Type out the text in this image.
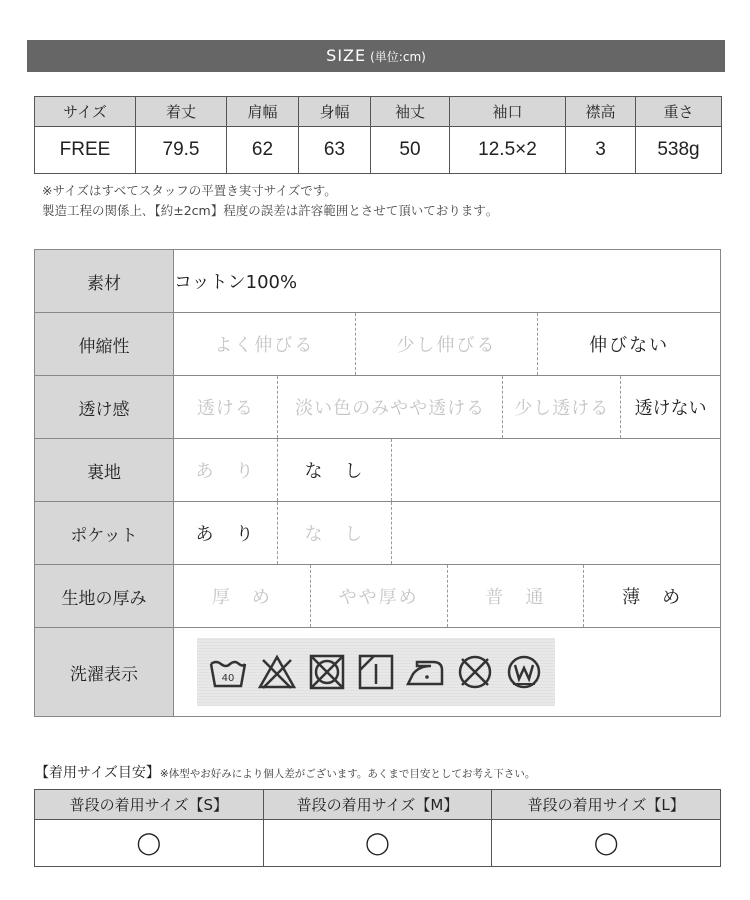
SIZE (単位:cm)
サイズ	着丈	肩幅	身幅	袖丈	袖口	襟高	重さ
FREE	79.5	62	63	50	12.5×2	3	538g
※サイズはすべてスタッフの平置き実寸サイズです。
製造工程の関係上､【約±2cm】程度の誤差は許容範囲とさせて頂いております｡
素材	コットン100%
伸縮性	よく伸びる 少し伸びる 伸びない

透け感	透ける 淡い色のみやや透ける 少し透ける 透けない

裏地	あ　り な　し

ポケット	あ　り な　し

生地の厚み	厚　め やや厚め 普　通 薄　め

洗濯表示	40
【着用サイズ目安】※体型やお好みにより個人差がございます。あくまで目安としてお考え下さい。
普段の着用サイズ【S】	普段の着用サイズ【M】	普段の着用サイズ【L】
◯	◯	◯
